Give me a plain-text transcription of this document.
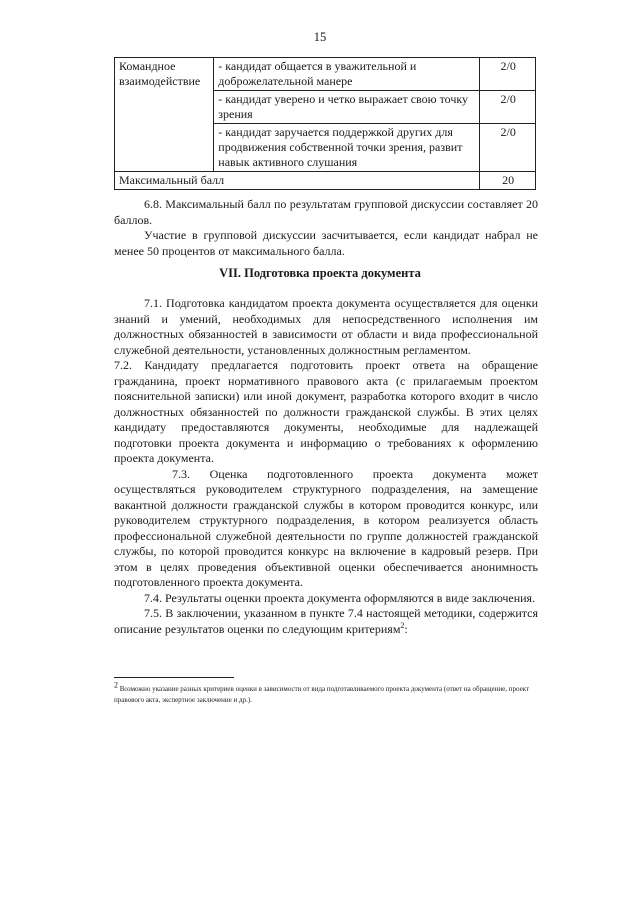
15
Командное взаимодействие	- кандидат общается в уважительной и доброжелательной манере	2/0
	- кандидат уверено и четко выражает свою точку зрения	2/0
	- кандидат заручается поддержкой других для продвижения собственной точки зрения, развит навык активного слушания	2/0
Максимальный балл		20

6.8. Максимальный балл по результатам групповой дискуссии составляет 20 баллов.

Участие в групповой дискуссии засчитывается, если кандидат набрал не менее 50 процентов от максимального балла.

VII. Подготовка проекта документа

7.1. Подготовка кандидатом проекта документа осуществляется для оценки знаний и умений, необходимых для непосредственного исполнения им должностных обязанностей в зависимости от области и вида профессиональной служебной деятельности, установленных должностным регламентом.

7.2. Кандидату предлагается подготовить проект ответа на обращение гражданина, проект нормативного правового акта (с прилагаемым проектом пояснительной записки) или иной документ, разработка которого входит в число должностных обязанностей по должности гражданской службы. В этих целях кандидату предоставляются документы, необходимые для надлежащей подготовки проекта документа и информацию о требованиях к оформлению проекта документа.

7.3. Оценка подготовленного проекта документа может осуществляться руководителем структурного подразделения, на замещение вакантной должности гражданской службы в котором проводится конкурс, или руководителем структурного подразделения, в котором реализуется область профессиональной служебной деятельности по группе должностей гражданской службы, по которой проводится конкурс на включение в кадровый резерв. При этом в целях проведения объективной оценки обеспечивается анонимность подготовленного проекта документа.

7.4. Результаты оценки проекта документа оформляются в виде заключения.

7.5. В заключении, указанном в пункте 7.4 настоящей методики, содержится описание результатов оценки по следующим критериям$^2$:

$^2$ Возможно указание разных критериев оценки в зависимости от вида подготавливаемого проекта документа (ответ на обращение, проект правового акта, экспертное заключение и др.).
